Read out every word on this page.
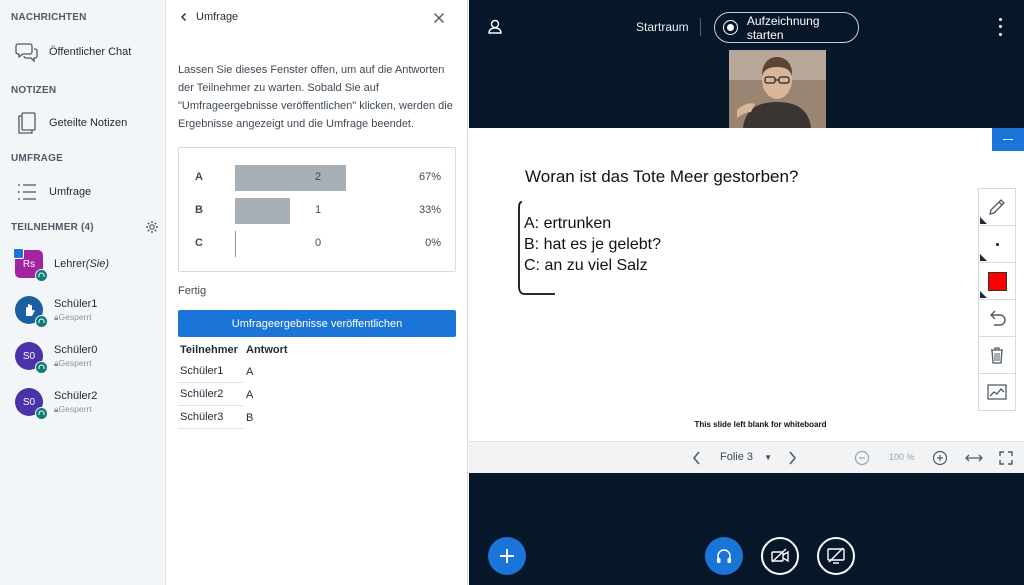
NACHRICHTEN
Öffentlicher Chat
NOTIZEN
Geteilte Notizen
UMFRAGE
Umfrage
TEILNEHMER (4)
Rs Lehrer(Sie)
Schüler1
🔒︎Gesperrt
S0
Schüler0
🔒︎Gesperrt
S0
Schüler2
🔒︎Gesperrt
Umfrage
Lassen Sie dieses Fenster offen, um auf die Antworten der Teilnehmer zu warten. Sobald Sie auf "Umfrageergebnisse veröffentlichen" klicken, werden die Ergebnisse angezeigt und die Umfrage beendet.
A	2	67%
B	1	33%
C	0	0%
Fertig
Umfrageergebnisse veröffentlichen
Teilnehmer Antwort
Schüler1	A
Schüler2	A
Schüler3	B
Startraum	Aufzeichnung starten
Woran ist das Tote Meer gestorben?
A: ertrunken
B: hat es je gelebt?
C: an zu viel Salz
This slide left blank for whiteboard
Folie 3 ▼	100 %
